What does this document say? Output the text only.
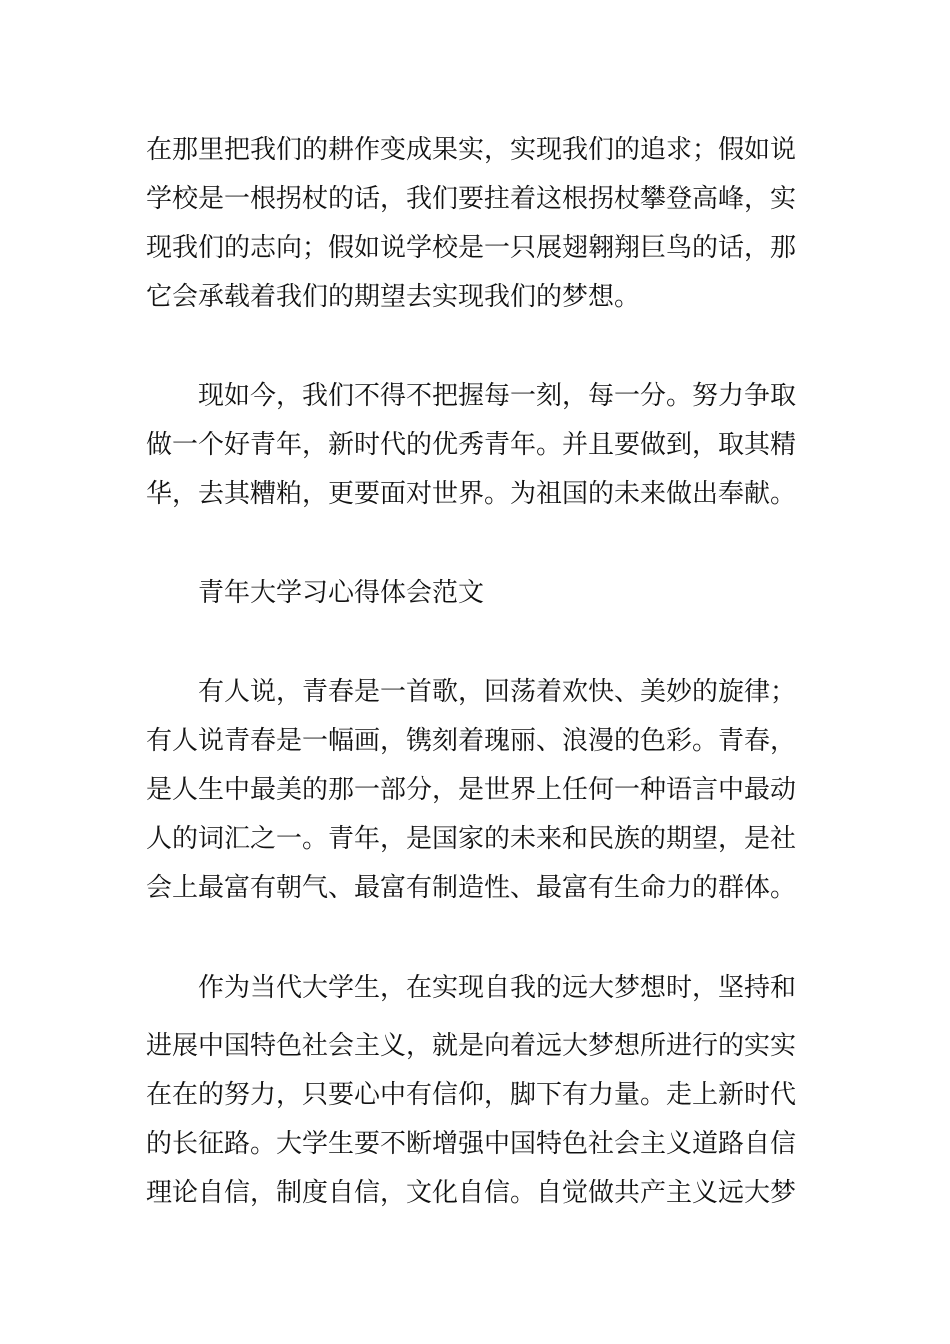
在那里把我们的耕作变成果实，实现我们的追求；假如说
学校是一根拐杖的话，我们要拄着这根拐杖攀登高峰，实
现我们的志向；假如说学校是一只展翅翱翔巨鸟的话，那
它会承载着我们的期望去实现我们的梦想。
现如今，我们不得不把握每一刻，每一分。努力争取
做一个好青年，新时代的优秀青年。并且要做到，取其精
华，去其糟粕，更要面对世界。为祖国的未来做出奉献。
青年大学习心得体会范文
有人说，青春是一首歌，回荡着欢快、美妙的旋律；
有人说青春是一幅画，镌刻着瑰丽、浪漫的色彩。青春，
是人生中最美的那一部分，是世界上任何一种语言中最动
人的词汇之一。青年，是国家的未来和民族的期望，是社
会上最富有朝气、最富有制造性、最富有生命力的群体。
作为当代大学生，在实现自我的远大梦想时，坚持和
进展中国特色社会主义，就是向着远大梦想所进行的实实
在在的努力，只要心中有信仰，脚下有力量。走上新时代
的长征路。大学生要不断增强中国特色社会主义道路自信
理论自信，制度自信，文化自信。自觉做共产主义远大梦
